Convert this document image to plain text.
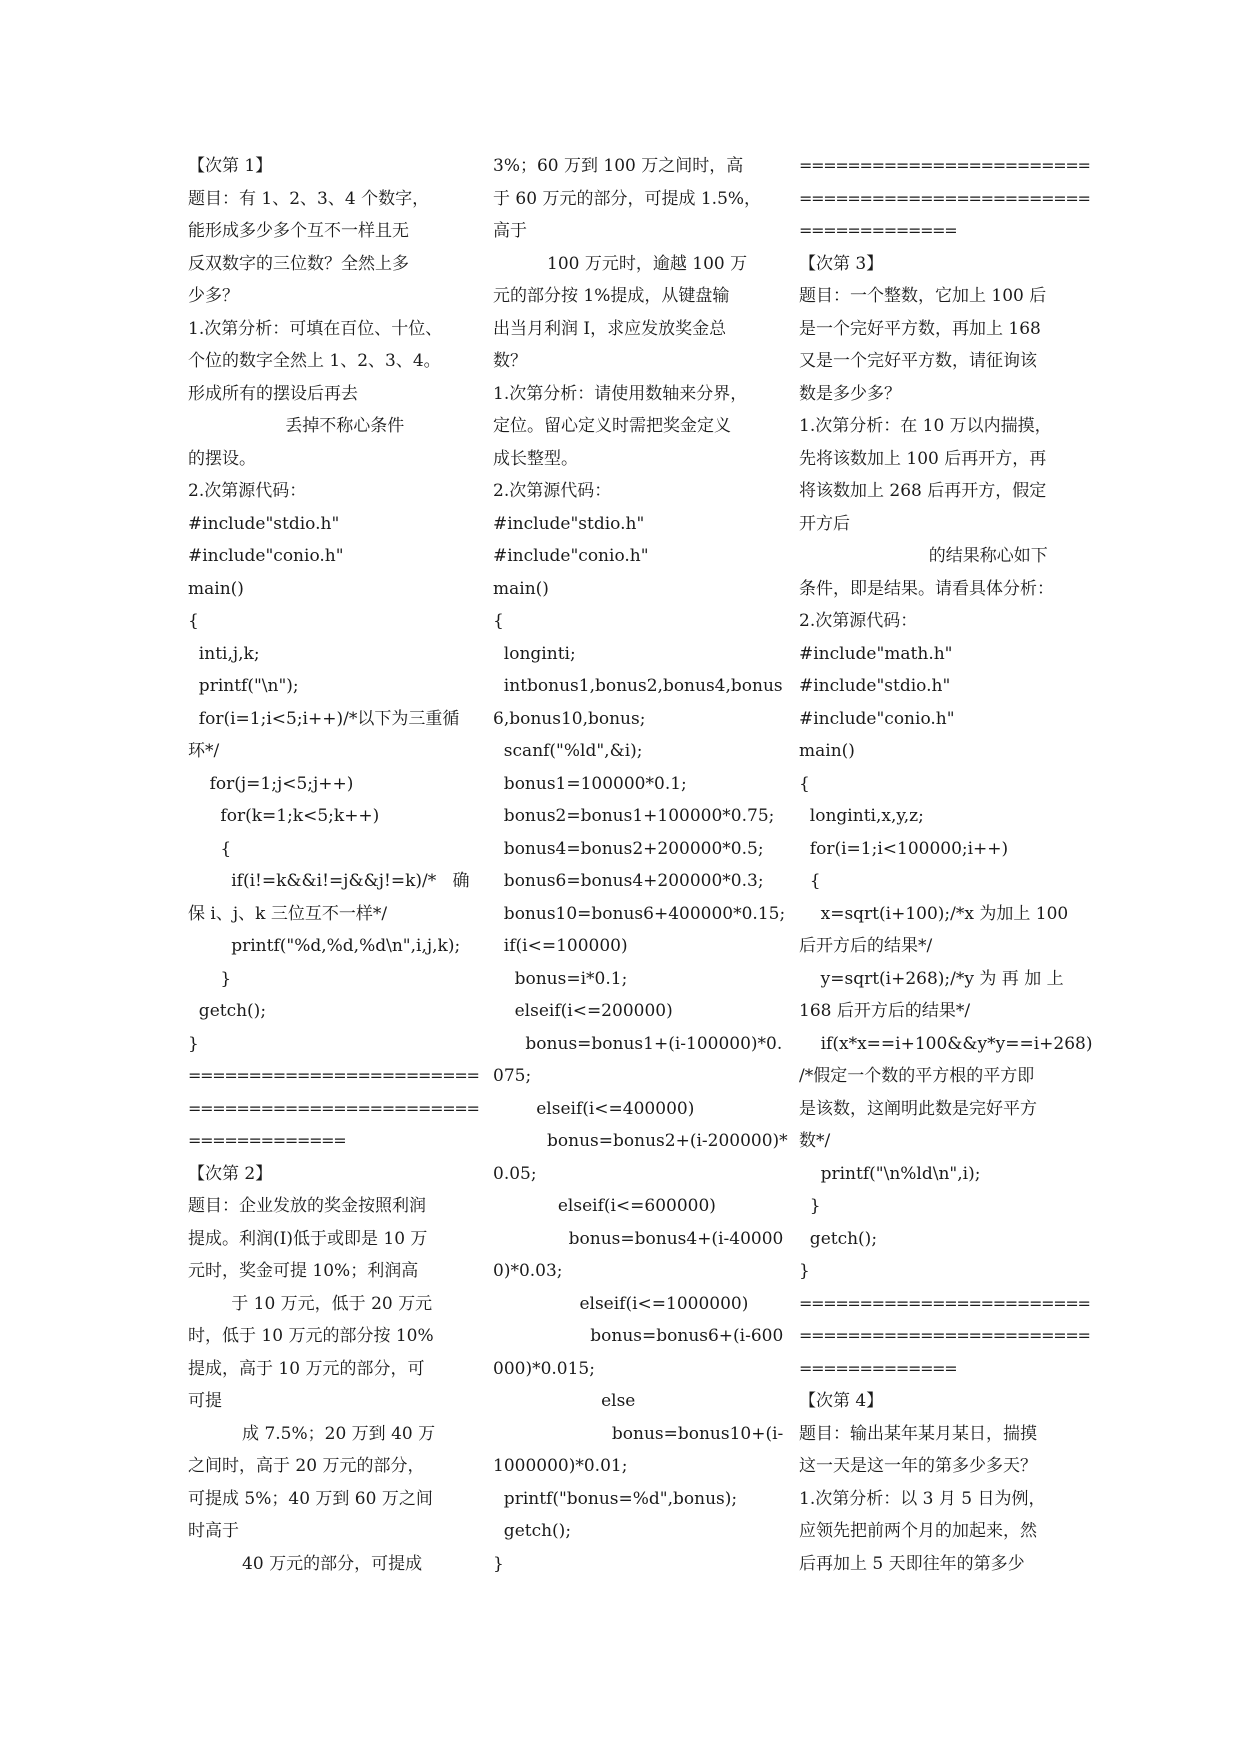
【次第 1】
题目：有 1、2、3、4 个数字，
能形成多少多个互不一样且无
反双数字的三位数？全然上多
少多？
1.次第分析：可填在百位、十位、
个位的数字全然上 1、2、3、4。
形成所有的摆设后再去
丢掉不称心条件
的摆设。
2.次第源代码：
#include"stdio.h"
#include"conio.h"
main()
{
inti,j,k;
printf("\n");
for(i=1;i<5;i++)/*以下为三重循
环*/
for(j=1;j<5;j++)
for(k=1;k<5;k++)
{
if(i!=k&&i!=j&&j!=k)/*   确
保 i、j、k 三位互不一样*/
printf("%d,%d,%d\n",i,j,k);
}
getch();
}
========================
========================
=============
【次第 2】
题目：企业发放的奖金按照利润
提成。利润(I)低于或即是 10 万
元时，奖金可提 10%；利润高
于 10 万元，低于 20 万元
时，低于 10 万元的部分按 10%
提成，高于 10 万元的部分，可
可提
成 7.5%；20 万到 40 万
之间时，高于 20 万元的部分，
可提成 5%；40 万到 60 万之间
时高于
40 万元的部分，可提成
3%；60 万到 100 万之间时，高
于 60 万元的部分，可提成 1.5%，
高于
100 万元时，逾越 100 万
元的部分按 1%提成，从键盘输
出当月利润 I，求应发放奖金总
数？
1.次第分析：请使用数轴来分界，
定位。留心定义时需把奖金定义
成长整型。
2.次第源代码：
#include"stdio.h"
#include"conio.h"
main()
{
longinti;
intbonus1,bonus2,bonus4,bonus
6,bonus10,bonus;
scanf("%ld",&i);
bonus1=100000*0.1;
bonus2=bonus1+100000*0.75;
bonus4=bonus2+200000*0.5;
bonus6=bonus4+200000*0.3;
bonus10=bonus6+400000*0.15;
if(i<=100000)
bonus=i*0.1;
elseif(i<=200000)
bonus=bonus1+(i-100000)*0.
075;
elseif(i<=400000)
bonus=bonus2+(i-200000)*
0.05;
elseif(i<=600000)
bonus=bonus4+(i-40000
0)*0.03;
elseif(i<=1000000)
bonus=bonus6+(i-600
000)*0.015;
else
bonus=bonus10+(i-
1000000)*0.01;
printf("bonus=%d",bonus);
getch();
}
========================
========================
=============
【次第 3】
题目：一个整数，它加上 100 后
是一个完好平方数，再加上 168
又是一个完好平方数，请征询该
数是多少多？
1.次第分析：在 10 万以内揣摸，
先将该数加上 100 后再开方，再
将该数加上 268 后再开方，假定
开方后
的结果称心如下
条件，即是结果。请看具体分析：
2.次第源代码：
#include"math.h"
#include"stdio.h"
#include"conio.h"
main()
{
longinti,x,y,z;
for(i=1;i<100000;i++)
{
x=sqrt(i+100);/*x 为加上 100
后开方后的结果*/
y=sqrt(i+268);/*y 为 再 加 上
168 后开方后的结果*/
if(x*x==i+100&&y*y==i+268)
/*假定一个数的平方根的平方即
是该数，这阐明此数是完好平方
数*/
printf("\n%ld\n",i);
}
getch();
}
========================
========================
=============
【次第 4】
题目：输出某年某月某日，揣摸
这一天是这一年的第多少多天？
1.次第分析：以 3 月 5 日为例，
应领先把前两个月的加起来，然
后再加上 5 天即往年的第多少
